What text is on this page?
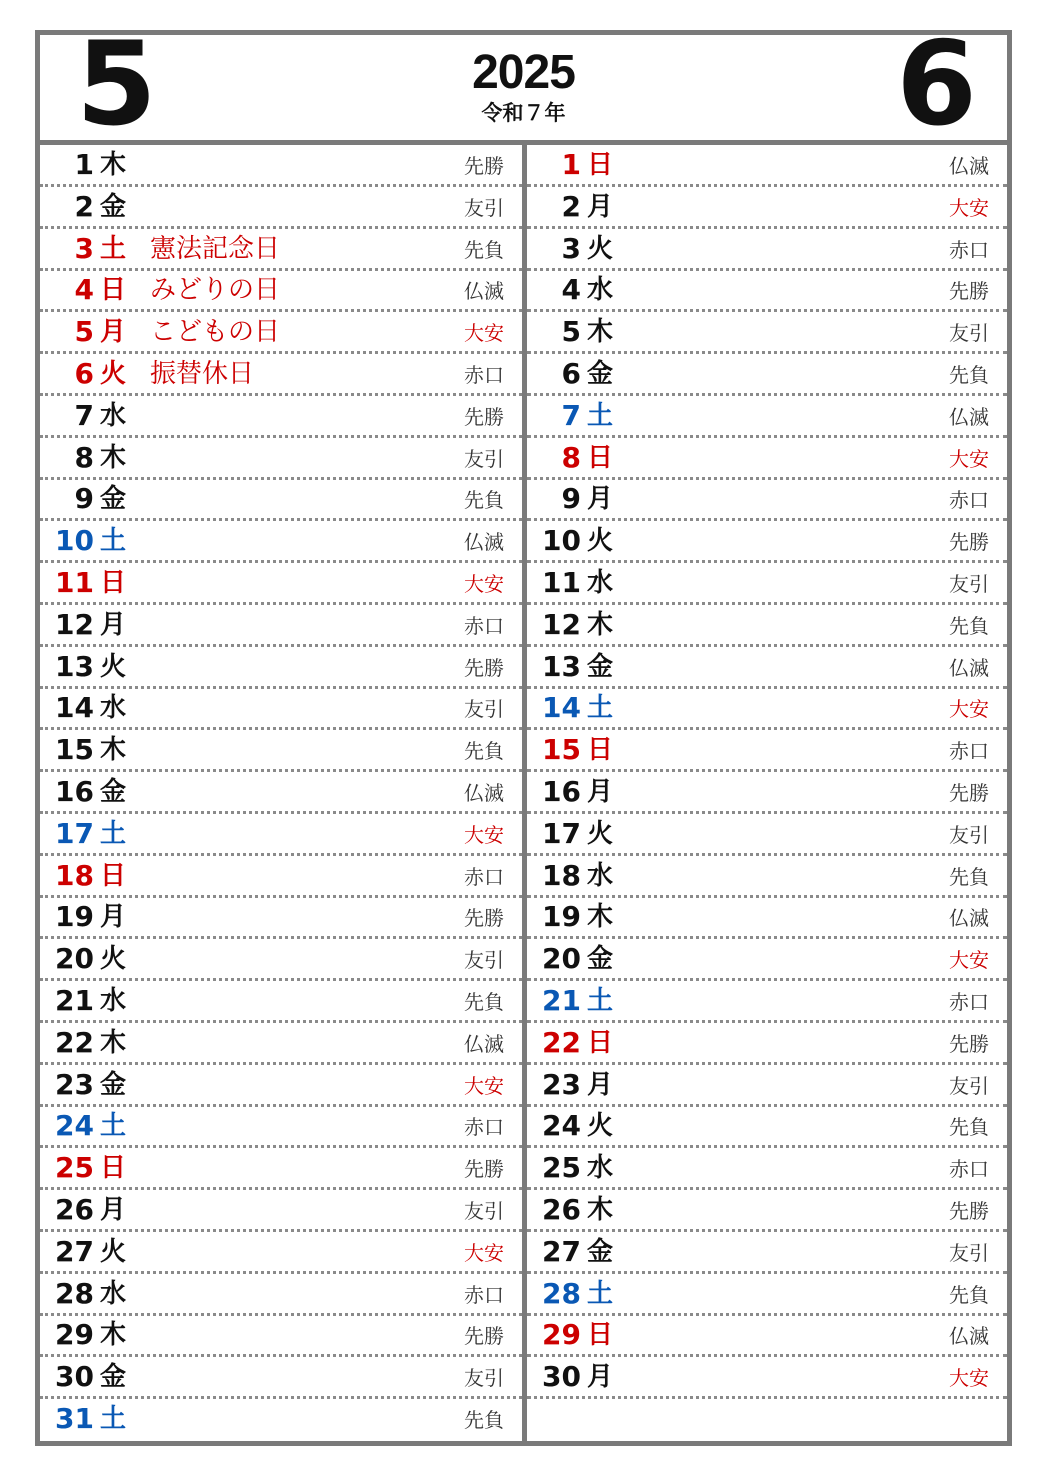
5	2025
令和７年	6
1 木	先勝
2 金	友引
3 土 憲法記念日	先負
4 日 みどりの日	仏滅
5 月 こどもの日	大安
6 火 振替休日	赤口
7 水	先勝
8 木	友引
9 金	先負
10 土	仏滅
11 日	大安
12 月	赤口
13 火	先勝
14 水	友引
15 木	先負
16 金	仏滅
17 土	大安
18 日	赤口
19 月	先勝
20 火	友引
21 水	先負
22 木	仏滅
23 金	大安
24 土	赤口
25 日	先勝
26 月	友引
27 火	大安
28 水	赤口
29 木	先勝
30 金	友引
31 土	先負
1 日	仏滅
2 月	大安
3 火	赤口
4 水	先勝
5 木	友引
6 金	先負
7 土	仏滅
8 日	大安
9 月	赤口
10 火	先勝
11 水	友引
12 木	先負
13 金	仏滅
14 土	大安
15 日	赤口
16 月	先勝
17 火	友引
18 水	先負
19 木	仏滅
20 金	大安
21 土	赤口
22 日	先勝
23 月	友引
24 火	先負
25 水	赤口
26 木	先勝
27 金	友引
28 土	先負
29 日	仏滅
30 月	大安
